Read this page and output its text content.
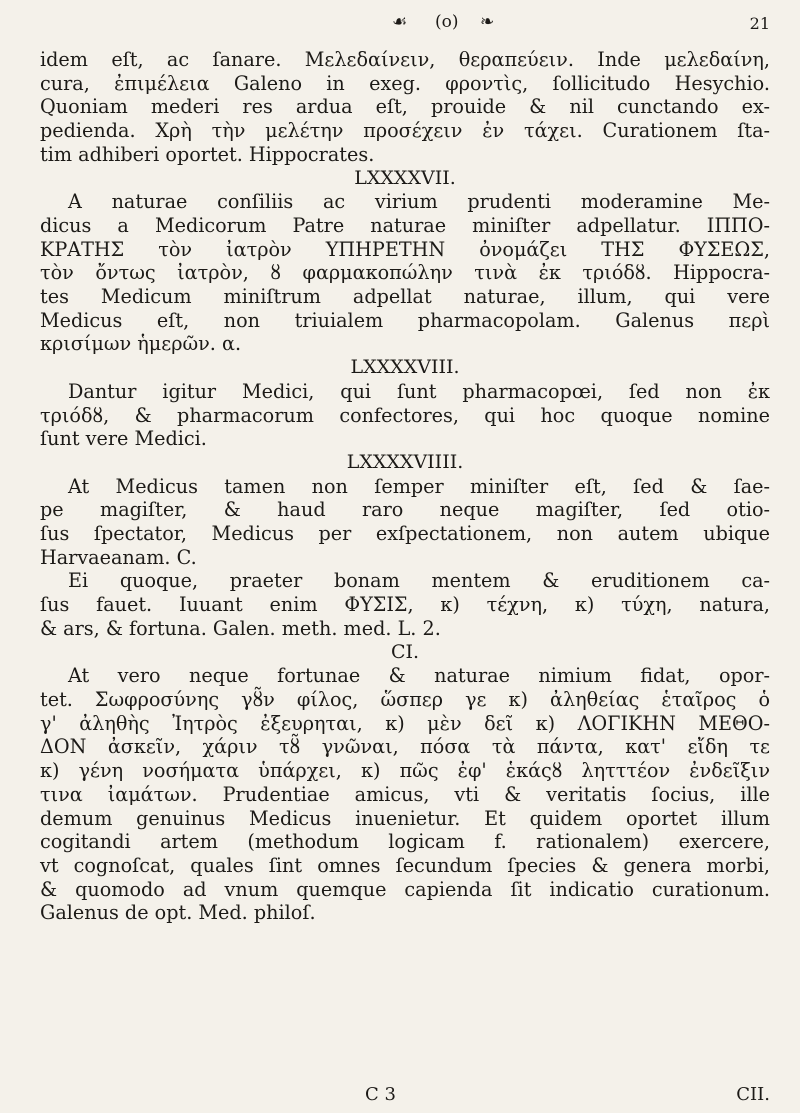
☙ (o) ❧	21
idem eſt, ac ſanare. Μελεδαίνειν, θεραπεύειν. Inde μελεδαίνη,
cura, ἐπιμέλεια Galeno in exeg. φροντὶς, ſollicitudo Hesychio.
Quoniam mederi res ardua eſt, prouide & nil cunctando ex-
pedienda. Χρὴ τὴν μελέτην προσέχειν ἐν τάχει. Curationem ſta-
tim adhiberi oportet. Hippocrates.
LXXXXVII.
A naturae conſiliis ac virium prudenti moderamine Me-
dicus a Medicorum Patre naturae miniſter adpellatur. ΙΠΠΟ-
ΚΡΑΤΗΣ τὸν ἰατρὸν ΥΠΗΡΕΤΗΝ ὀνομάζει ΤΗΣ ΦΥΣΕΩΣ,
τὸν ὄντως ἰατρὸν, ȣ φαρμακοπώλην τινὰ ἐκ τριόδȣ. Hippocra-
tes Medicum miniſtrum adpellat naturae, illum, qui vere
Medicus eſt, non triuialem pharmacopolam. Galenus περὶ
κρισίμων ἡμερῶν. α.
LXXXXVIII.
Dantur igitur Medici, qui ſunt pharmacopœi, ſed non ἐκ
τριόδȣ, & pharmacorum confectores, qui hoc quoque nomine
ſunt vere Medici.
LXXXXVIIII.
At Medicus tamen non ſemper miniſter eſt, ſed & ſae-
pe magiſter, & haud raro neque magiſter, ſed otio-
ſus ſpectator, Medicus per exſpectationem, non autem ubique
Harvaeanam. C.
Ei quoque, praeter bonam mentem & eruditionem ca-
ſus fauet. Iuuant enim ΦΥΣΙΣ, κ) τέχνη, κ) τύχη, natura,
& ars, & fortuna. Galen. meth. med. L. 2.
CI.
At vero neque fortunae & naturae nimium fidat, opor-
tet. Σωφροσύνης γȣ̃ν φίλος, ὥσπερ γε κ) ἀληθείας ἑταῖρος ὁ
γ' ἀληθὴς Ἰητρὸς ἐξευρηται, κ) μὲν δεῖ κ) ΛΟΓΙΚΗΝ ΜΕΘΟ-
ΔΟΝ ἀσκεῖν, χάριν τȣ̃ γνῶναι, πόσα τὰ πάντα, κατ' εἴδη τε
κ) γένη νοσήματα ὑπάρχει, κ) πῶς ἐφ' ἑκάςȣ λητττέον ἐνδεῖξιν
τινα ἰαμάτων. Prudentiae amicus, vti & veritatis ſocius, ille
demum genuinus Medicus inuenietur. Et quidem oportet illum
cogitandi artem (methodum logicam f. rationalem) exercere,
vt cognoſcat, quales ſint omnes ſecundum ſpecies & genera morbi,
& quomodo ad vnum quemque capienda ſit indicatio curationum.
Galenus de opt. Med. philoſ.
C 3	CII.
